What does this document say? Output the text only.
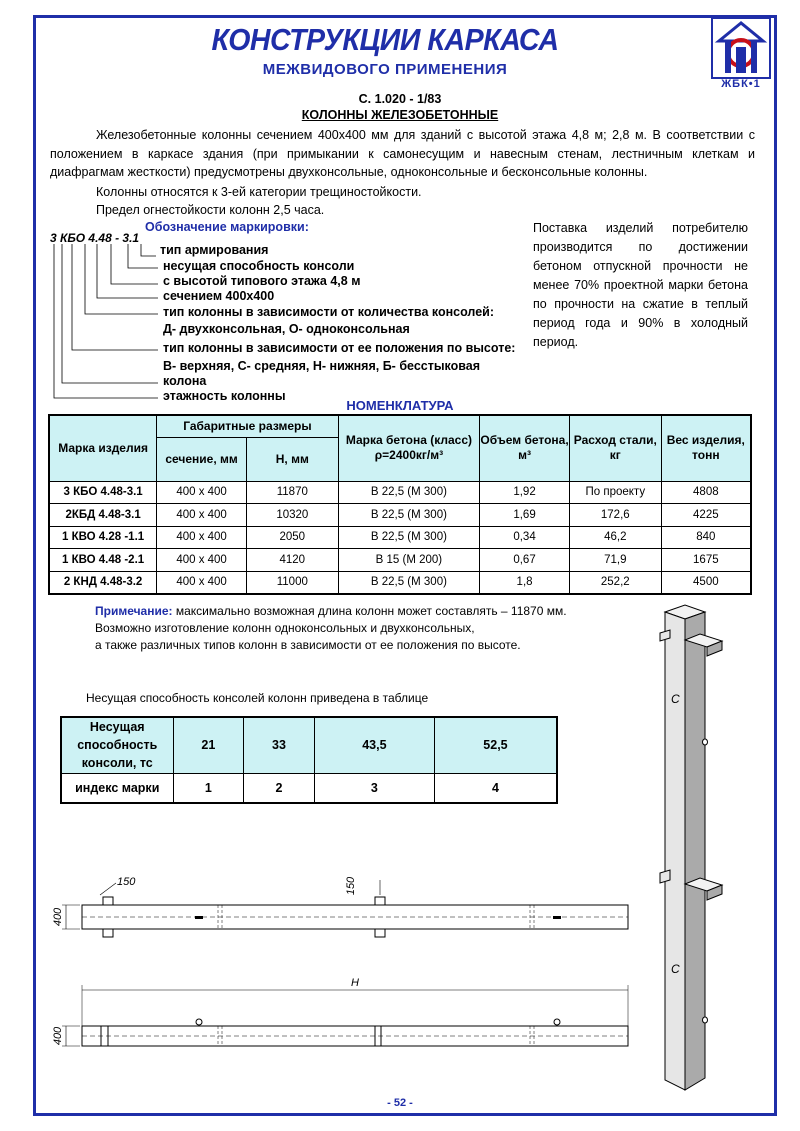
КОНСТРУКЦИИ КАРКАСА
МЕЖВИДОВОГО ПРИМЕНЕНИЯ
ЖБК•1
С. 1.020 - 1/83
КОЛОННЫ ЖЕЛЕЗОБЕТОННЫЕ
Железобетонные колонны сечением 400х400 мм для зданий с высотой этажа 4,8 м; 2,8 м. В соответствии с положением в каркасе здания (при примыкании к самонесущим и навесным стенам, лестничным клеткам и диафрагмам жесткости) предусмотрены двухконсольные, одноконсольные и бесконсольные колонны.
Колонны относятся к 3-ей категории трещиностойкости.
Предел огнестойкости колонн 2,5 часа.
Обозначение маркировки:
3 КБО 4.48 - 3.1
тип армирования
несущая способность консоли
с высотой типового этажа 4,8 м
сечением 400х400
тип колонны в зависимости от количества консолей:
Д- двухконсольная, О- одноконсольная
тип колонны в зависимости от ее положения по высоте:
В- верхняя, С- средняя, Н- нижняя, Б- бесстыковая
колона
этажность колонны
Поставка изделий потребителю производится по достижении бетоном отпускной прочности не менее 70% проектной марки бетона по прочности на сжатие в теплый период года и 90% в холодный период.
НОМЕНКЛАТУРА
Марка изделия	Габаритные размеры		Марка бетона (класс) ρ=2400кг/м³	Объем бетона, м³	Расход стали, кг	Вес изделия, тонн
	сечение, мм	Н, мм				
3 КБО 4.48-3.1	400 х 400	11870	В 22,5 (М 300)	1,92	По проекту	4808
2КБД 4.48-3.1	400 х 400	10320	В 22,5 (М 300)	1,69	172,6	4225
1 КВО 4.28 -1.1	400 х 400	2050	В 22,5 (М 300)	0,34	46,2	840
1 КВО 4.48 -2.1	400 х 400	4120	В 15 (М 200)	0,67	71,9	1675
2 КНД 4.48-3.2	400 х 400	11000	В 22,5 (М 300)	1,8	252,2	4500
Примечание: максимально возможная длина колонн может составлять – 11870 мм.
Возможно изготовление колонн одноконсольных и двухконсольных,
а также различных типов колонн в зависимости от ее положения по высоте.
Несущая способность консолей колонн приведена в таблице
Несущая способность консоли, тс	21	33	43,5	52,5
индекс марки	1	2	3	4
150	150
400
400
Н
С
С
- 52 -
